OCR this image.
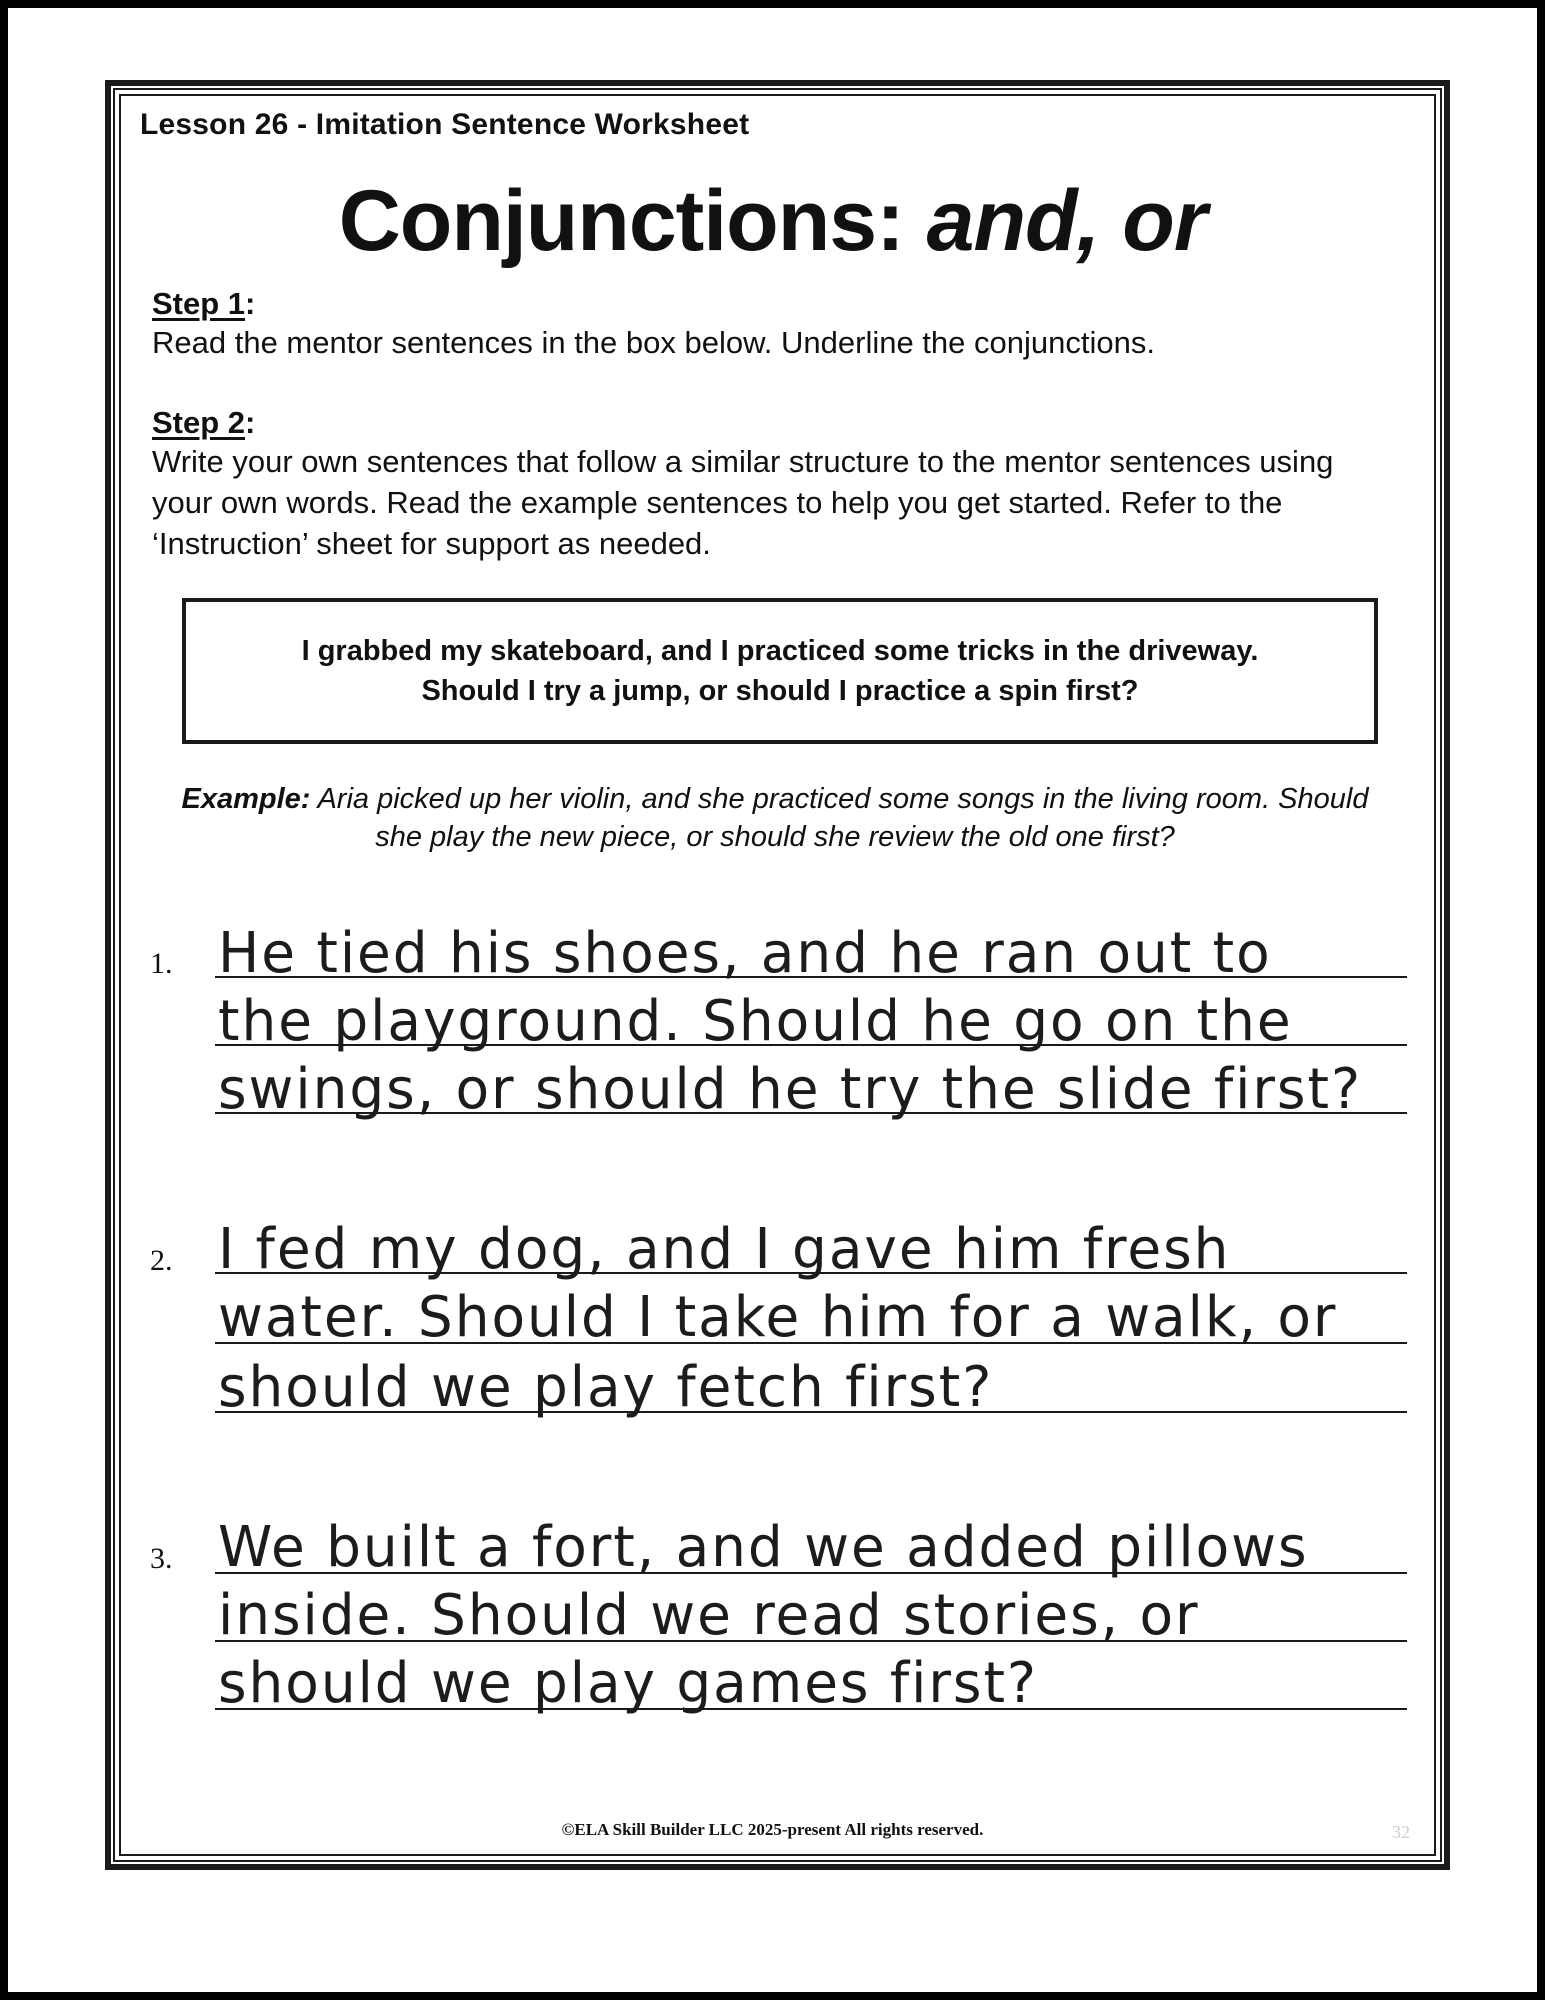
Lesson 26 - Imitation Sentence Worksheet
Conjunctions: and, or
Step 1:
Read the mentor sentences in the box below. Underline the conjunctions.
Step 2:
Write your own sentences that follow a similar structure to the mentor sentences using your own words. Read the example sentences to help you get started. Refer to the ‘Instruction’ sheet for support as needed.
I grabbed my skateboard, and I practiced some tricks in the driveway.
Should I try a jump, or should I practice a spin first?
Example: Aria picked up her violin, and she practiced some songs in the living room. Should she play the new piece, or should she review the old one first?
1. He tied his shoes, and he ran out to
the playground. Should he go on the
swings, or should he try the slide first?
2. I fed my dog, and I gave him fresh
water. Should I take him for a walk, or
should we play fetch first?
3. We built a fort, and we added pillows
inside. Should we read stories, or
should we play games first?
©ELA Skill Builder LLC 2025-present All rights reserved.	32
